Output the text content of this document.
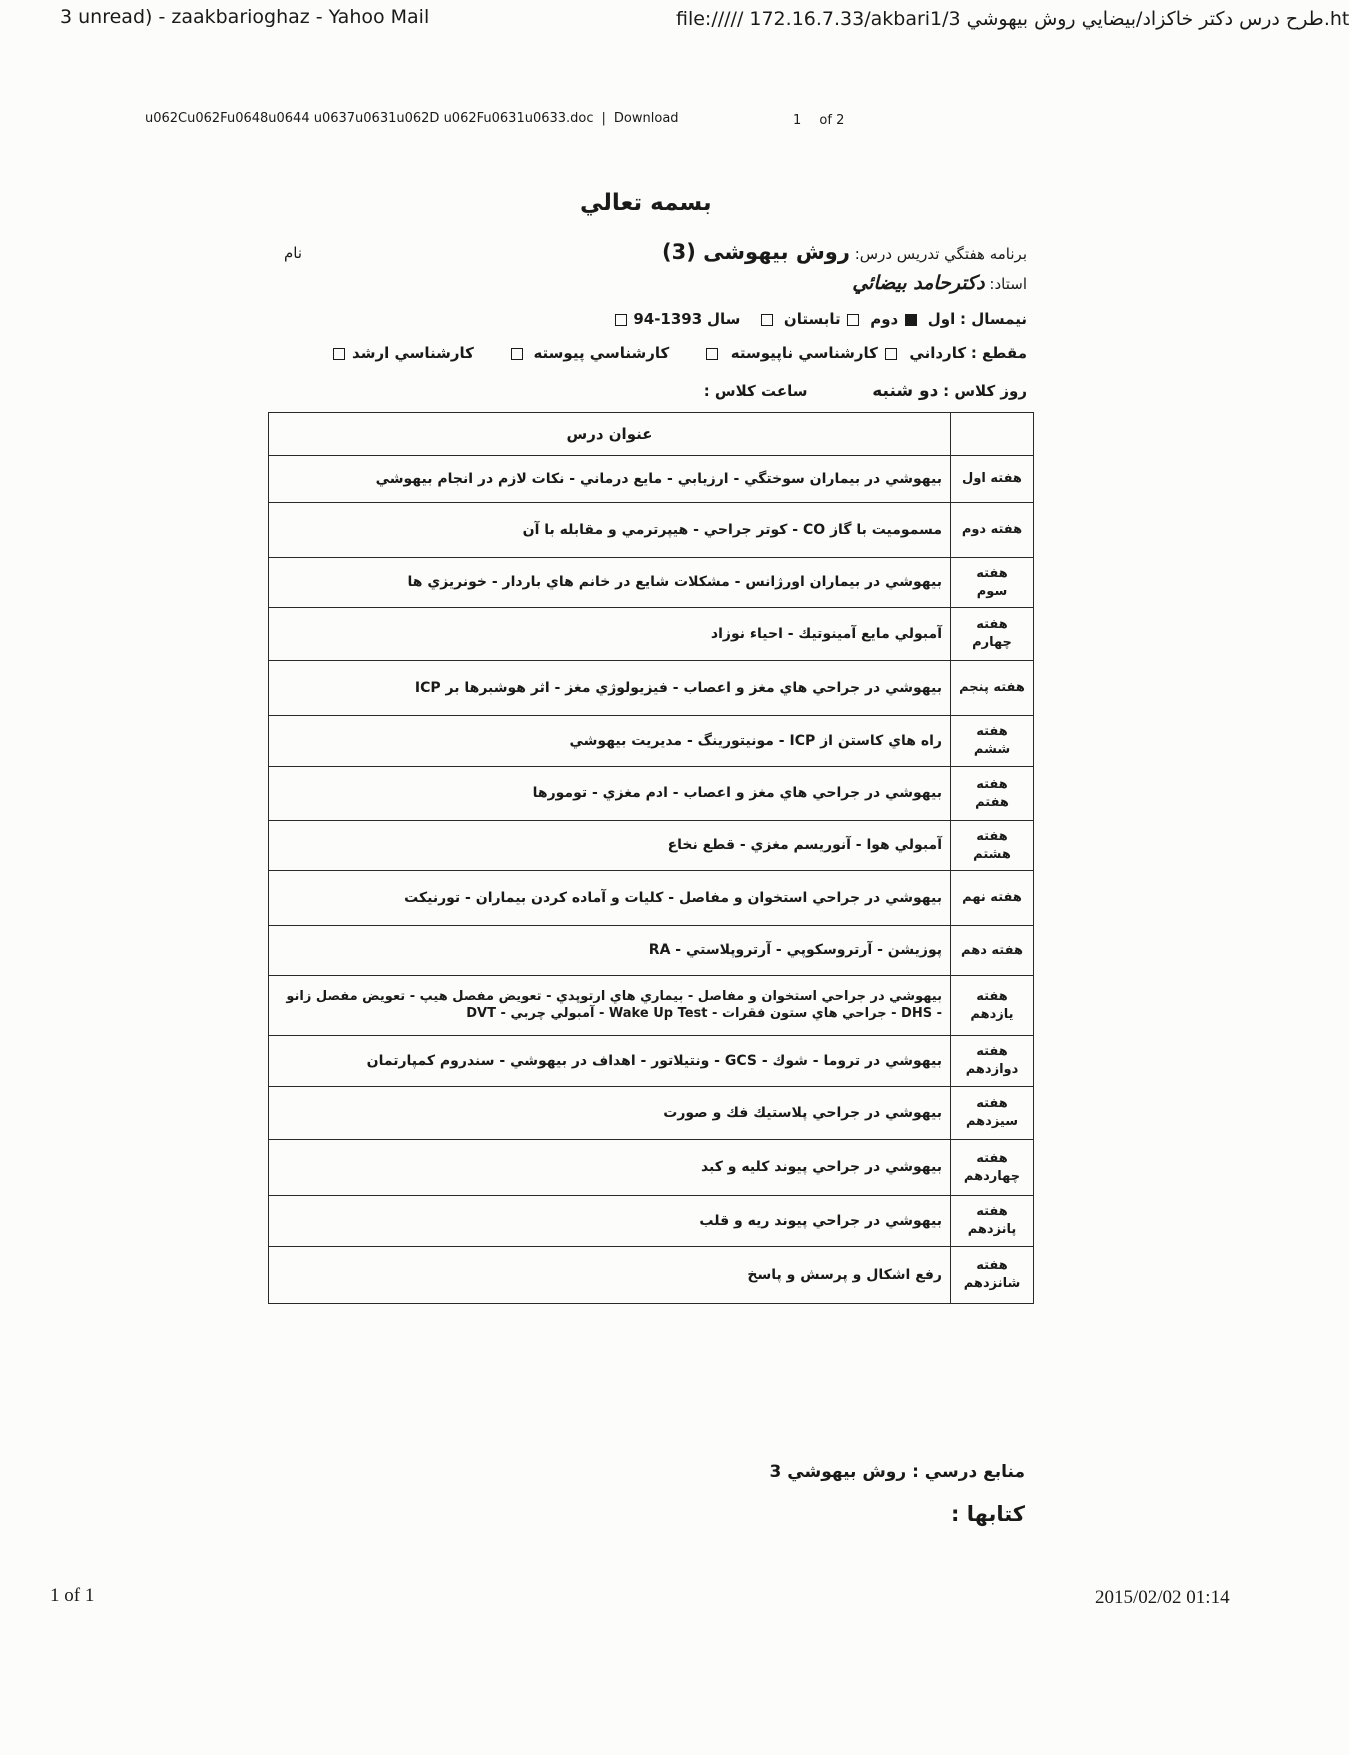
3 unread) - zaakbarioghaz - Yahoo Mail	file:///// 172.16.7.33/akbari1/3 طرح درس دكتر خاكزاد/بيضايي روش بيهوشي.ht
u062Cu062Fu0648u0644 u0637u0631u062D u062Fu0631u0633.doc | Download	1 of 2
بسمه تعالي
برنامه هفتگي تدريس درس: روش بيهوشی (3)
نام
استاد: دكترحامد بيضائي
نيمسال : اول  دوم  تابستان  سال 1393-94
مقطع : كارداني  كارشناسي ناپيوسته  كارشناسي پيوسته  كارشناسي ارشد
روز كلاس : دو شنبه ساعت كلاس :
	عنوان درس
هفته اول	بيهوشي در بيماران سوختگي - ارزيابي - مايع درماني - نكات لازم در انجام بيهوشي
هفته دوم	مسموميت با گاز CO - كوتر جراحي - هيپرترمي و مقابله با آن
هفته سوم	بيهوشي در بيماران اورژانس - مشكلات شايع در خانم هاي باردار - خونريزي ها
هفته چهارم	آمبولي مايع آمينوتيك - احياء نوزاد
هفته پنجم	بيهوشي در جراحي هاي مغز و اعصاب - فيزيولوژي مغز - اثر هوشبرها بر ICP
هفته ششم	راه هاي كاستن از ICP - مونيتورينگ - مديريت بيهوشي
هفته هفتم	بيهوشي در جراحي هاي مغز و اعصاب - ادم مغزي - تومورها
هفته هشتم	آمبولي هوا - آنوريسم مغزي - قطع نخاع
هفته نهم	بيهوشي در جراحي استخوان و مفاصل - كليات و آماده كردن بيماران - تورنيكت
هفته دهم	پوزيشن - آرتروسكوپي - آرتروپلاستي - RA
هفته يازدهم	بيهوشي در جراحي استخوان و مفاصل - بيماري هاي ارتوپدي - تعويض مفصل هيپ - تعويض مفصل زانو - DHS - جراحي هاي ستون فقرات - Wake Up Test - آمبولي چربي - DVT
هفته دوازدهم	بيهوشي در تروما - شوك - GCS - ونتيلاتور - اهداف در بيهوشي - سندروم كمپارتمان
هفته سيزدهم	بيهوشي در جراحي پلاستيك فك و صورت
هفته چهاردهم	بيهوشي در جراحي پيوند كليه و كبد
هفته پانزدهم	بيهوشي در جراحي پيوند ريه و قلب
هفته شانزدهم	رفع اشكال و پرسش و پاسخ
منابع درسي : روش بيهوشي 3
كتابها :
1 of 1	2015/02/02 01:14
